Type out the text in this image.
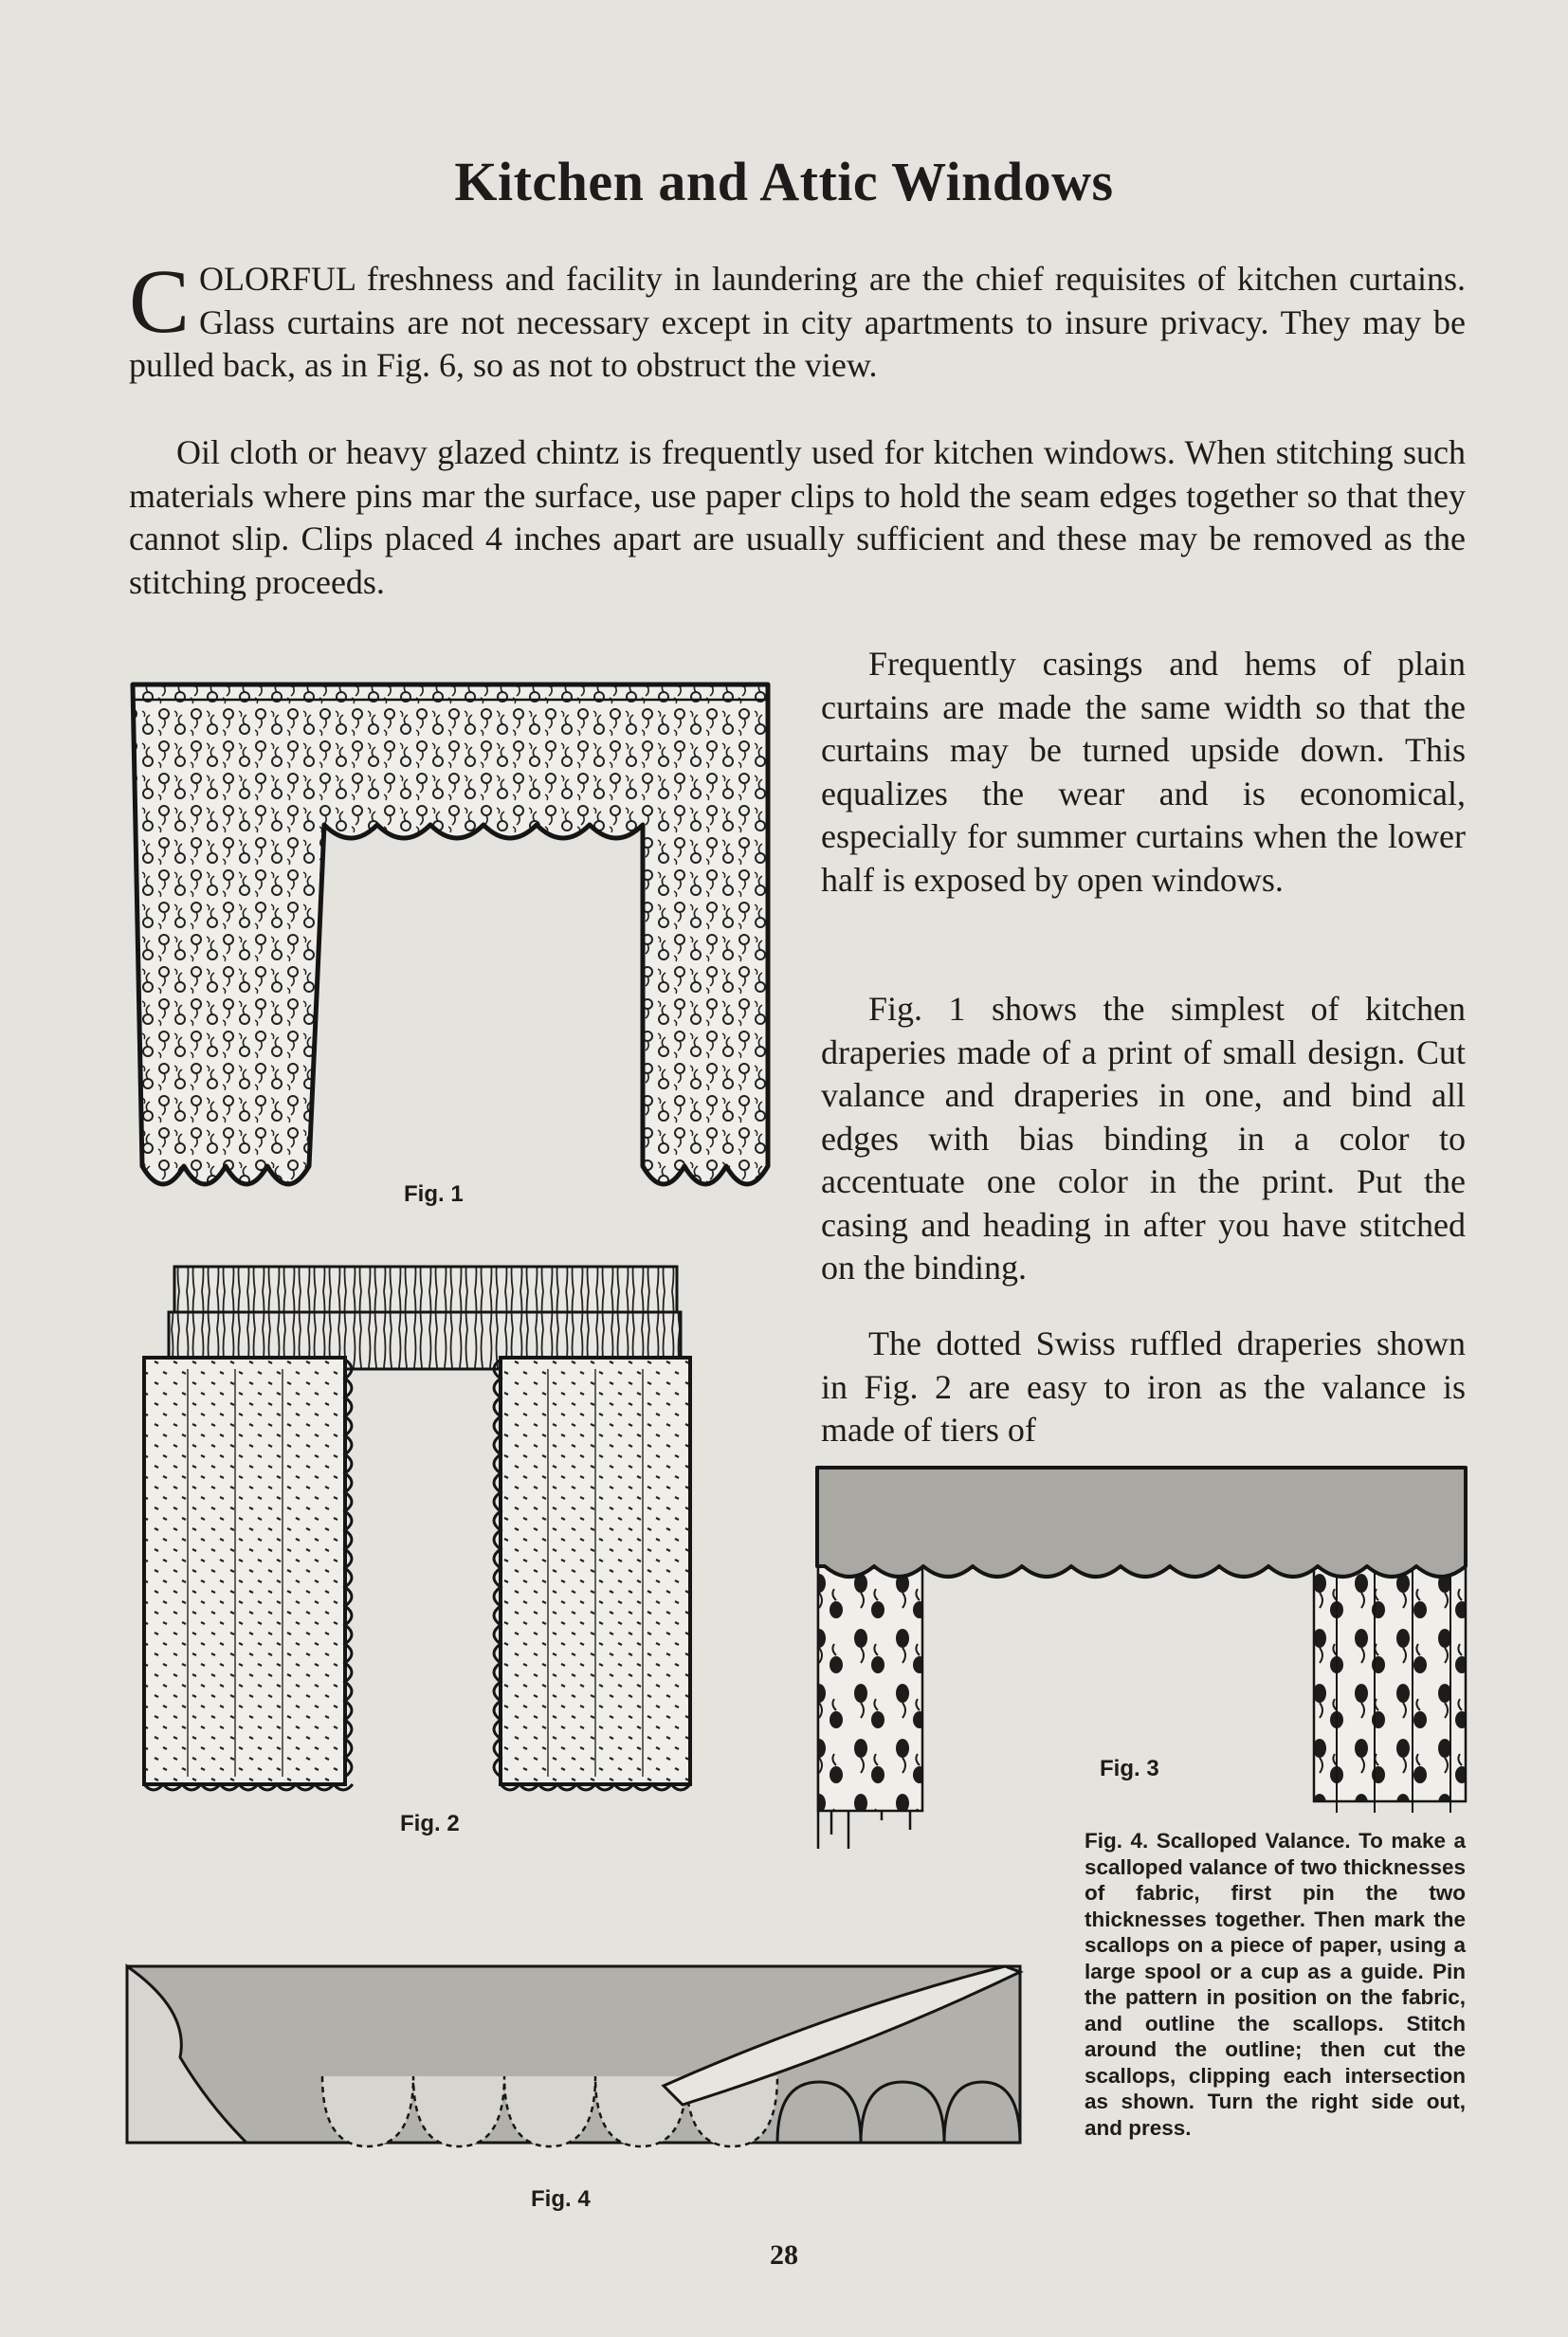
Kitchen and Attic Windows

C OLORFUL freshness and facility in laundering are the chief requisites of kitchen curtains. Glass curtains are not necessary except in city apartments to insure privacy. They may be pulled back, as in Fig. 6, so as not to obstruct the view.

Oil cloth or heavy glazed chintz is frequently used for kitchen windows. When stitching such materials where pins mar the surface, use paper clips to hold the seam edges together so that they cannot slip. Clips placed 4 inches apart are usually sufficient and these may be removed as the stitching proceeds.

Frequently casings and hems of plain curtains are made the same width so that the curtains may be turned upside down. This equalizes the wear and is economical, especially for summer curtains when the lower half is exposed by open windows.

Fig. 1 shows the simplest of kitchen draperies made of a print of small design. Cut valance and draperies in one, and bind all edges with bias binding in a color to accentuate one color in the print. Put the casing and heading in after you have stitched on the binding.

The dotted Swiss ruffled draperies shown in Fig. 2 are easy to iron as the valance is made of tiers of

Fig. 1
Fig. 2
Fig. 3
Fig. 4

Fig. 4. Scalloped Valance. To make a scalloped valance of two thicknesses of fabric, first pin the two thicknesses together. Then mark the scallops on a piece of paper, using a large spool or a cup as a guide. Pin the pattern in position on the fabric, and outline the scallops. Stitch around the outline; then cut the scallops, clipping each intersection as shown. Turn the right side out, and press.

28
